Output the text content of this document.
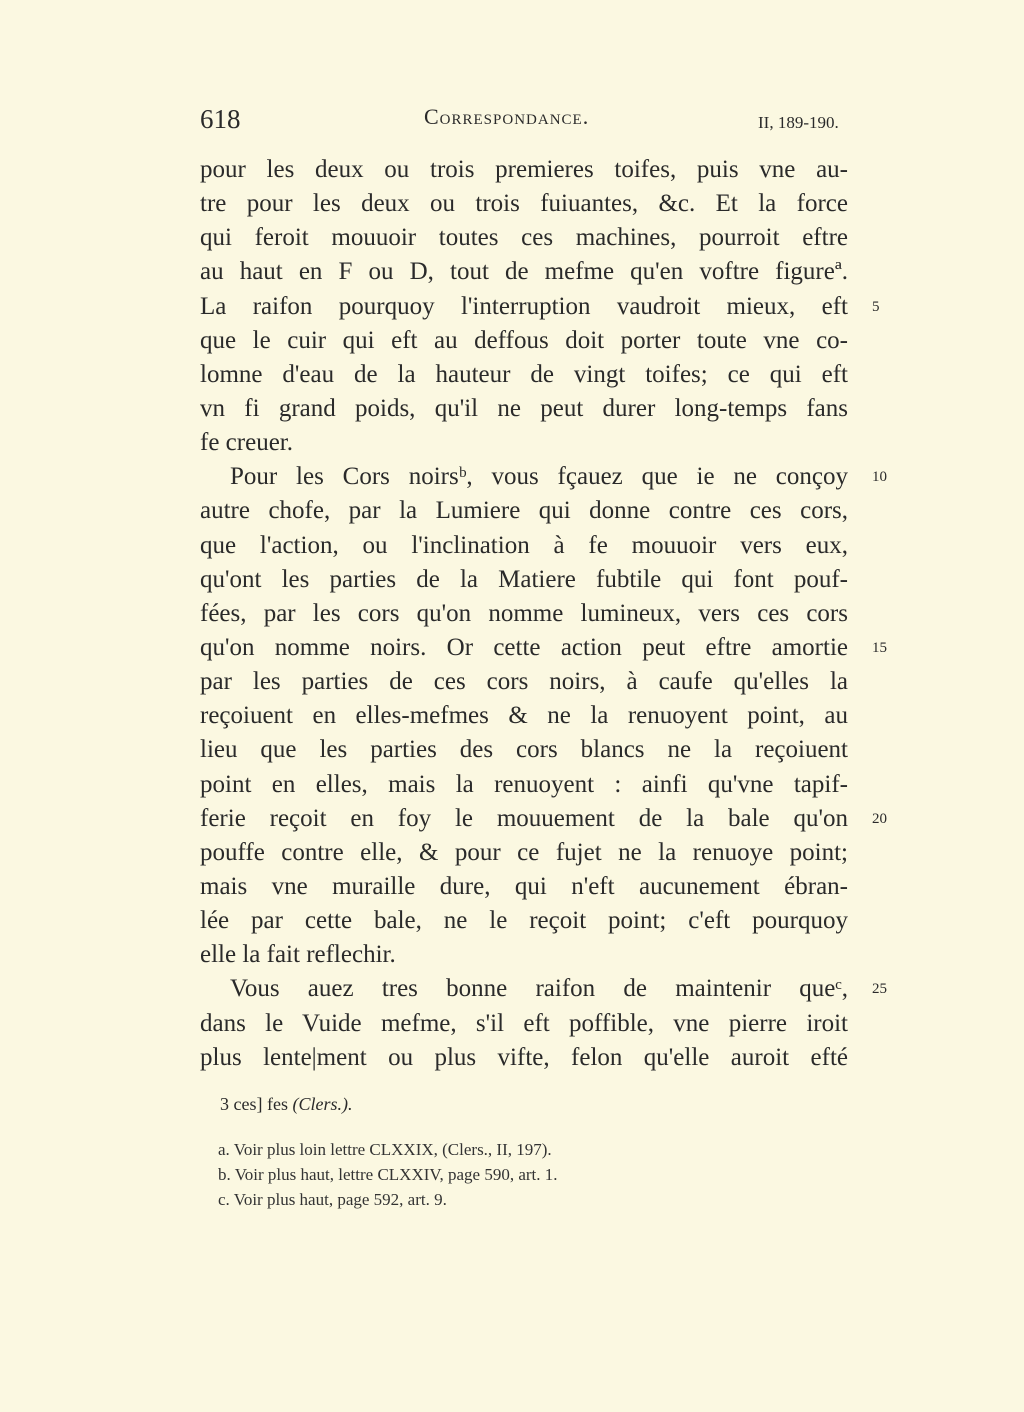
618	Correspondance.	II, 189-190.
pour les deux ou trois premieres toifes, puis vne au-
tre pour les deux ou trois fuiuantes, &c. Et la force
qui feroit mouuoir toutes ces machines, pourroit eftre
au haut en F ou D, tout de mefme qu'en voftre figureª.
La raifon pourquoy l'interruption vaudroit mieux, eft 5
que le cuir qui eft au deffous doit porter toute vne co-
lomne d'eau de la hauteur de vingt toifes; ce qui eft
vn fi grand poids, qu'il ne peut durer long-temps fans
fe creuer.
Pour les Cors noirsᵇ, vous fçauez que ie ne conçoy 10
autre chofe, par la Lumiere qui donne contre ces cors,
que l'action, ou l'inclination à fe mouuoir vers eux,
qu'ont les parties de la Matiere fubtile qui font pouf-
fées, par les cors qu'on nomme lumineux, vers ces cors
qu'on nomme noirs. Or cette action peut eftre amortie 15
par les parties de ces cors noirs, à caufe qu'elles la
reçoiuent en elles-mefmes & ne la renuoyent point, au
lieu que les parties des cors blancs ne la reçoiuent
point en elles, mais la renuoyent : ainfi qu'vne tapif-
ferie reçoit en foy le mouuement de la bale qu'on 20
pouffe contre elle, & pour ce fujet ne la renuoye point;
mais vne muraille dure, qui n'eft aucunement ébran-
lée par cette bale, ne le reçoit point; c'eft pourquoy
elle la fait reflechir.
Vous auez tres bonne raifon de maintenir queᶜ, 25
dans le Vuide mefme, s'il eft poffible, vne pierre iroit
plus lente|ment ou plus vifte, felon qu'elle auroit efté
3 ces] fes (Clers.).
a. Voir plus loin lettre CLXXIX, (Clers., II, 197).
b. Voir plus haut, lettre CLXXIV, page 590, art. 1.
c. Voir plus haut, page 592, art. 9.
